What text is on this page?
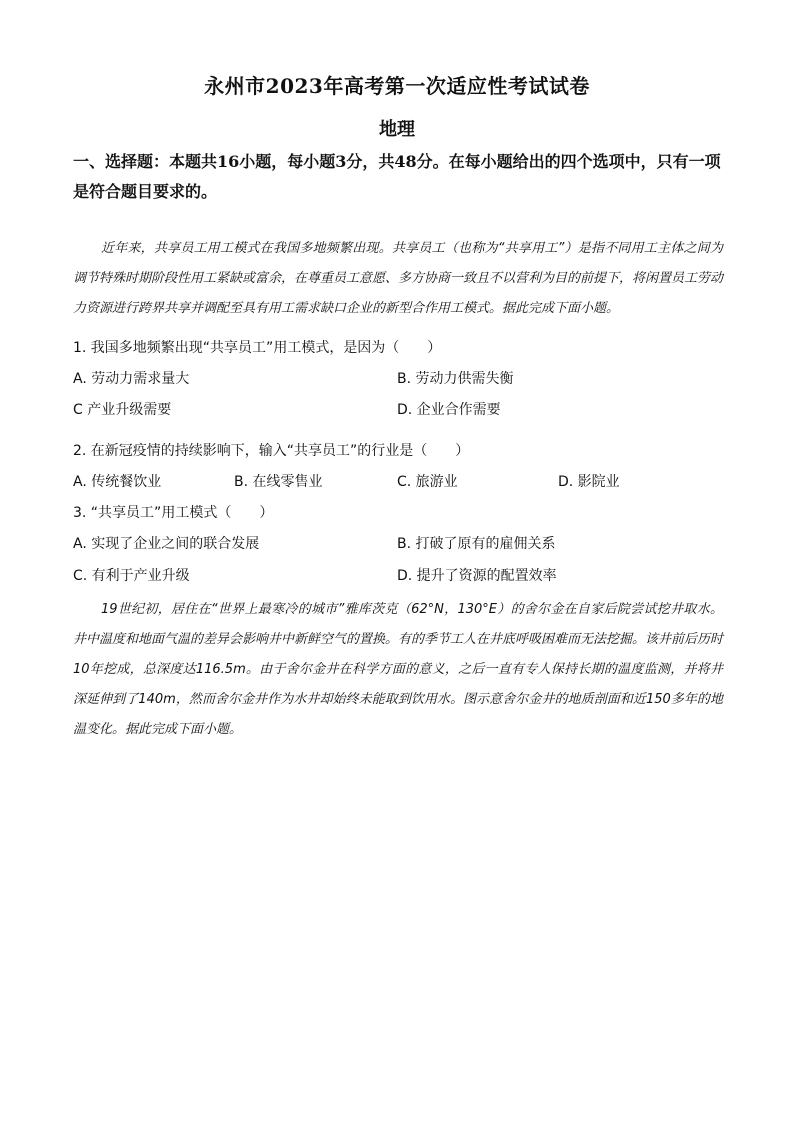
永州市2023年高考第一次适应性考试试卷
地理
一、选择题：本题共16小题，每小题3分，共48分。在每小题给出的四个选项中，只有一项是符合题目要求的。
近年来，共享员工用工模式在我国多地频繁出现。共享员工（也称为“共享用工”）是指不同用工主体之间为调节特殊时期阶段性用工紧缺或富余，在尊重员工意愿、多方协商一致且不以营利为目的前提下，将闲置员工劳动力资源进行跨界共享并调配至具有用工需求缺口企业的新型合作用工模式。据此完成下面小题。
1. 我国多地频繁出现“共享员工”用工模式，是因为（　　）
A. 劳动力需求量大	B. 劳动力供需失衡
C 产业升级需要	D. 企业合作需要
2. 在新冠疫情的持续影响下，输入“共享员工”的行业是（　　）
A. 传统餐饮业	B. 在线零售业	C. 旅游业	D. 影院业
3. “共享员工”用工模式（　　）
A. 实现了企业之间的联合发展	B. 打破了原有的雇佣关系
C. 有利于产业升级	D. 提升了资源的配置效率
19世纪初，居住在“世界上最寒冷的城市”雅库茨克（62°N，130°E）的舍尔金在自家后院尝试挖井取水。井中温度和地面气温的差异会影响井中新鲜空气的置换。有的季节工人在井底呼吸困难而无法挖掘。该井前后历时10年挖成，总深度达116.5m。由于舍尔金井在科学方面的意义，之后一直有专人保持长期的温度监测，并将井深延伸到了140m，然而舍尔金井作为水井却始终未能取到饮用水。图示意舍尔金井的地质剖面和近150多年的地温变化。据此完成下面小题。
